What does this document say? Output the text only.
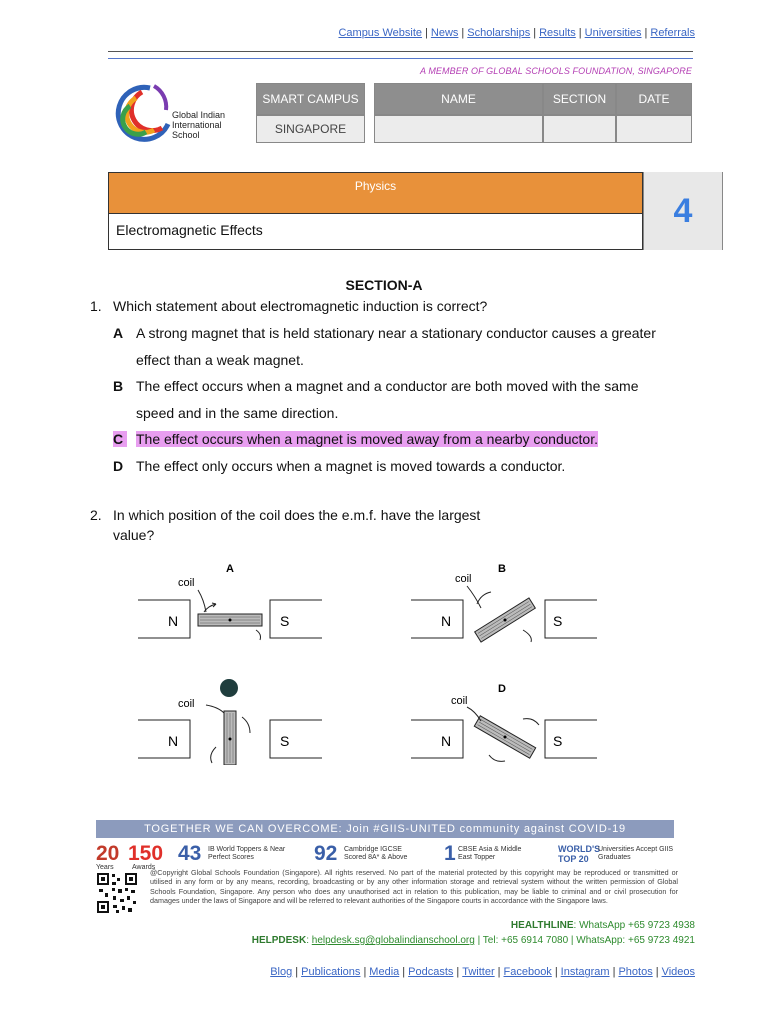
Campus Website | News | Scholarships | Results | Universities | Referrals
A MEMBER OF GLOBAL SCHOOLS FOUNDATION, SINGAPORE
Global Indian
International
School
SMART CAMPUS
SINGAPORE
NAME	SECTION	DATE
Physics
Electromagnetic Effects
4
SECTION-A
1. Which statement about electromagnetic induction is correct?
A A strong magnet that is held stationary near a stationary conductor causes a greater
effect than a weak magnet.
B The effect occurs when a magnet and a conductor are both moved with the same
speed and in the same direction.
C The effect occurs when a magnet is moved away from a nearby conductor.
D The effect only occurs when a magnet is moved towards a conductor.
2. In which position of the coil does the e.m.f. have the largest
value?
A
coil
N	S
B
coil
N	S
coil
N	S
D
coil
N	S
TOGETHER WE CAN OVERCOME: Join #GIIS-UNITED community against COVID-19
20
Years
150
Awards
43 IB World Toppers & Near Perfect Scores	92 Cambridge IGCSE Scored 8A* & Above	1 CBSE Asia & Middle East Topper
WORLD'S TOP 20
Universities Accept GIIS Graduates
@Copyright Global Schools Foundation (Singapore). All rights reserved. No part of the material protected by this copyright may be reproduced or transmitted or utilised in any form or by any means, recording, broadcasting or by any other information storage and retrieval system without the written permission of Global Schools Foundation, Singapore. Any person who does any unauthorised act in relation to this publication, may be liable to criminal and or civil prosecution for damages under the laws of Singapore and will be referred to relevant authorities of the Singapore courts in accordance with the Singapore laws.
HEALTHLINE: WhatsApp +65 9723 4938
HELPDESK: helpdesk.sg@globalindianschool.org | Tel: +65 6914 7080 | WhatsApp: +65 9723 4921
Blog | Publications | Media | Podcasts | Twitter | Facebook | Instagram | Photos | Videos
